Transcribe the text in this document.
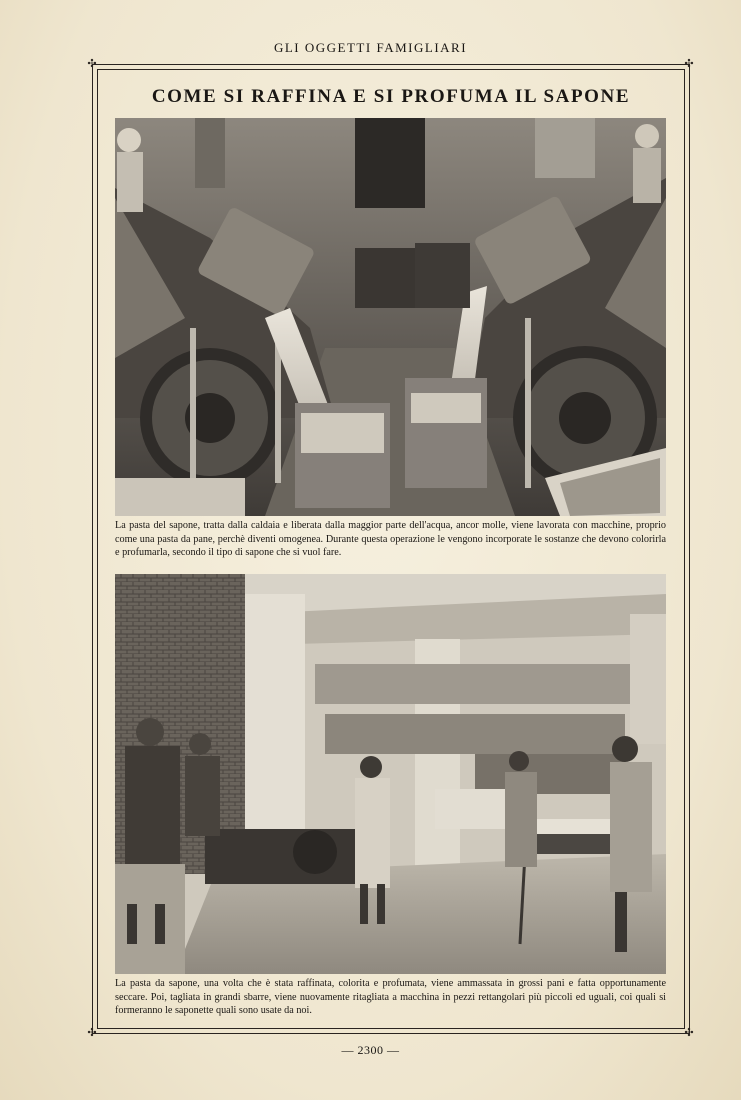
GLI OGGETTI FAMIGLIARI
✣	✣
✣	✣
COME SI RAFFINA E SI PROFUMA IL SAPONE
La pasta del sapone, tratta dalla caldaia e liberata dalla maggior parte dell'acqua, ancor molle, viene lavorata con macchine, proprio come una pasta da pane, perchè diventi omogenea. Durante questa operazione le vengono incorporate le sostanze che devono colorirla e profumarla, secondo il tipo di sapone che si vuol fare.
La pasta da sapone, una volta che è stata raffinata, colorita e profumata, viene ammassata in grossi pani e fatta opportunamente seccare. Poi, tagliata in grandi sbarre, viene nuovamente ritagliata a macchina in pezzi rettangolari più piccoli ed uguali, coi quali si formeranno le saponette quali sono usate da noi.
— 2300 —
